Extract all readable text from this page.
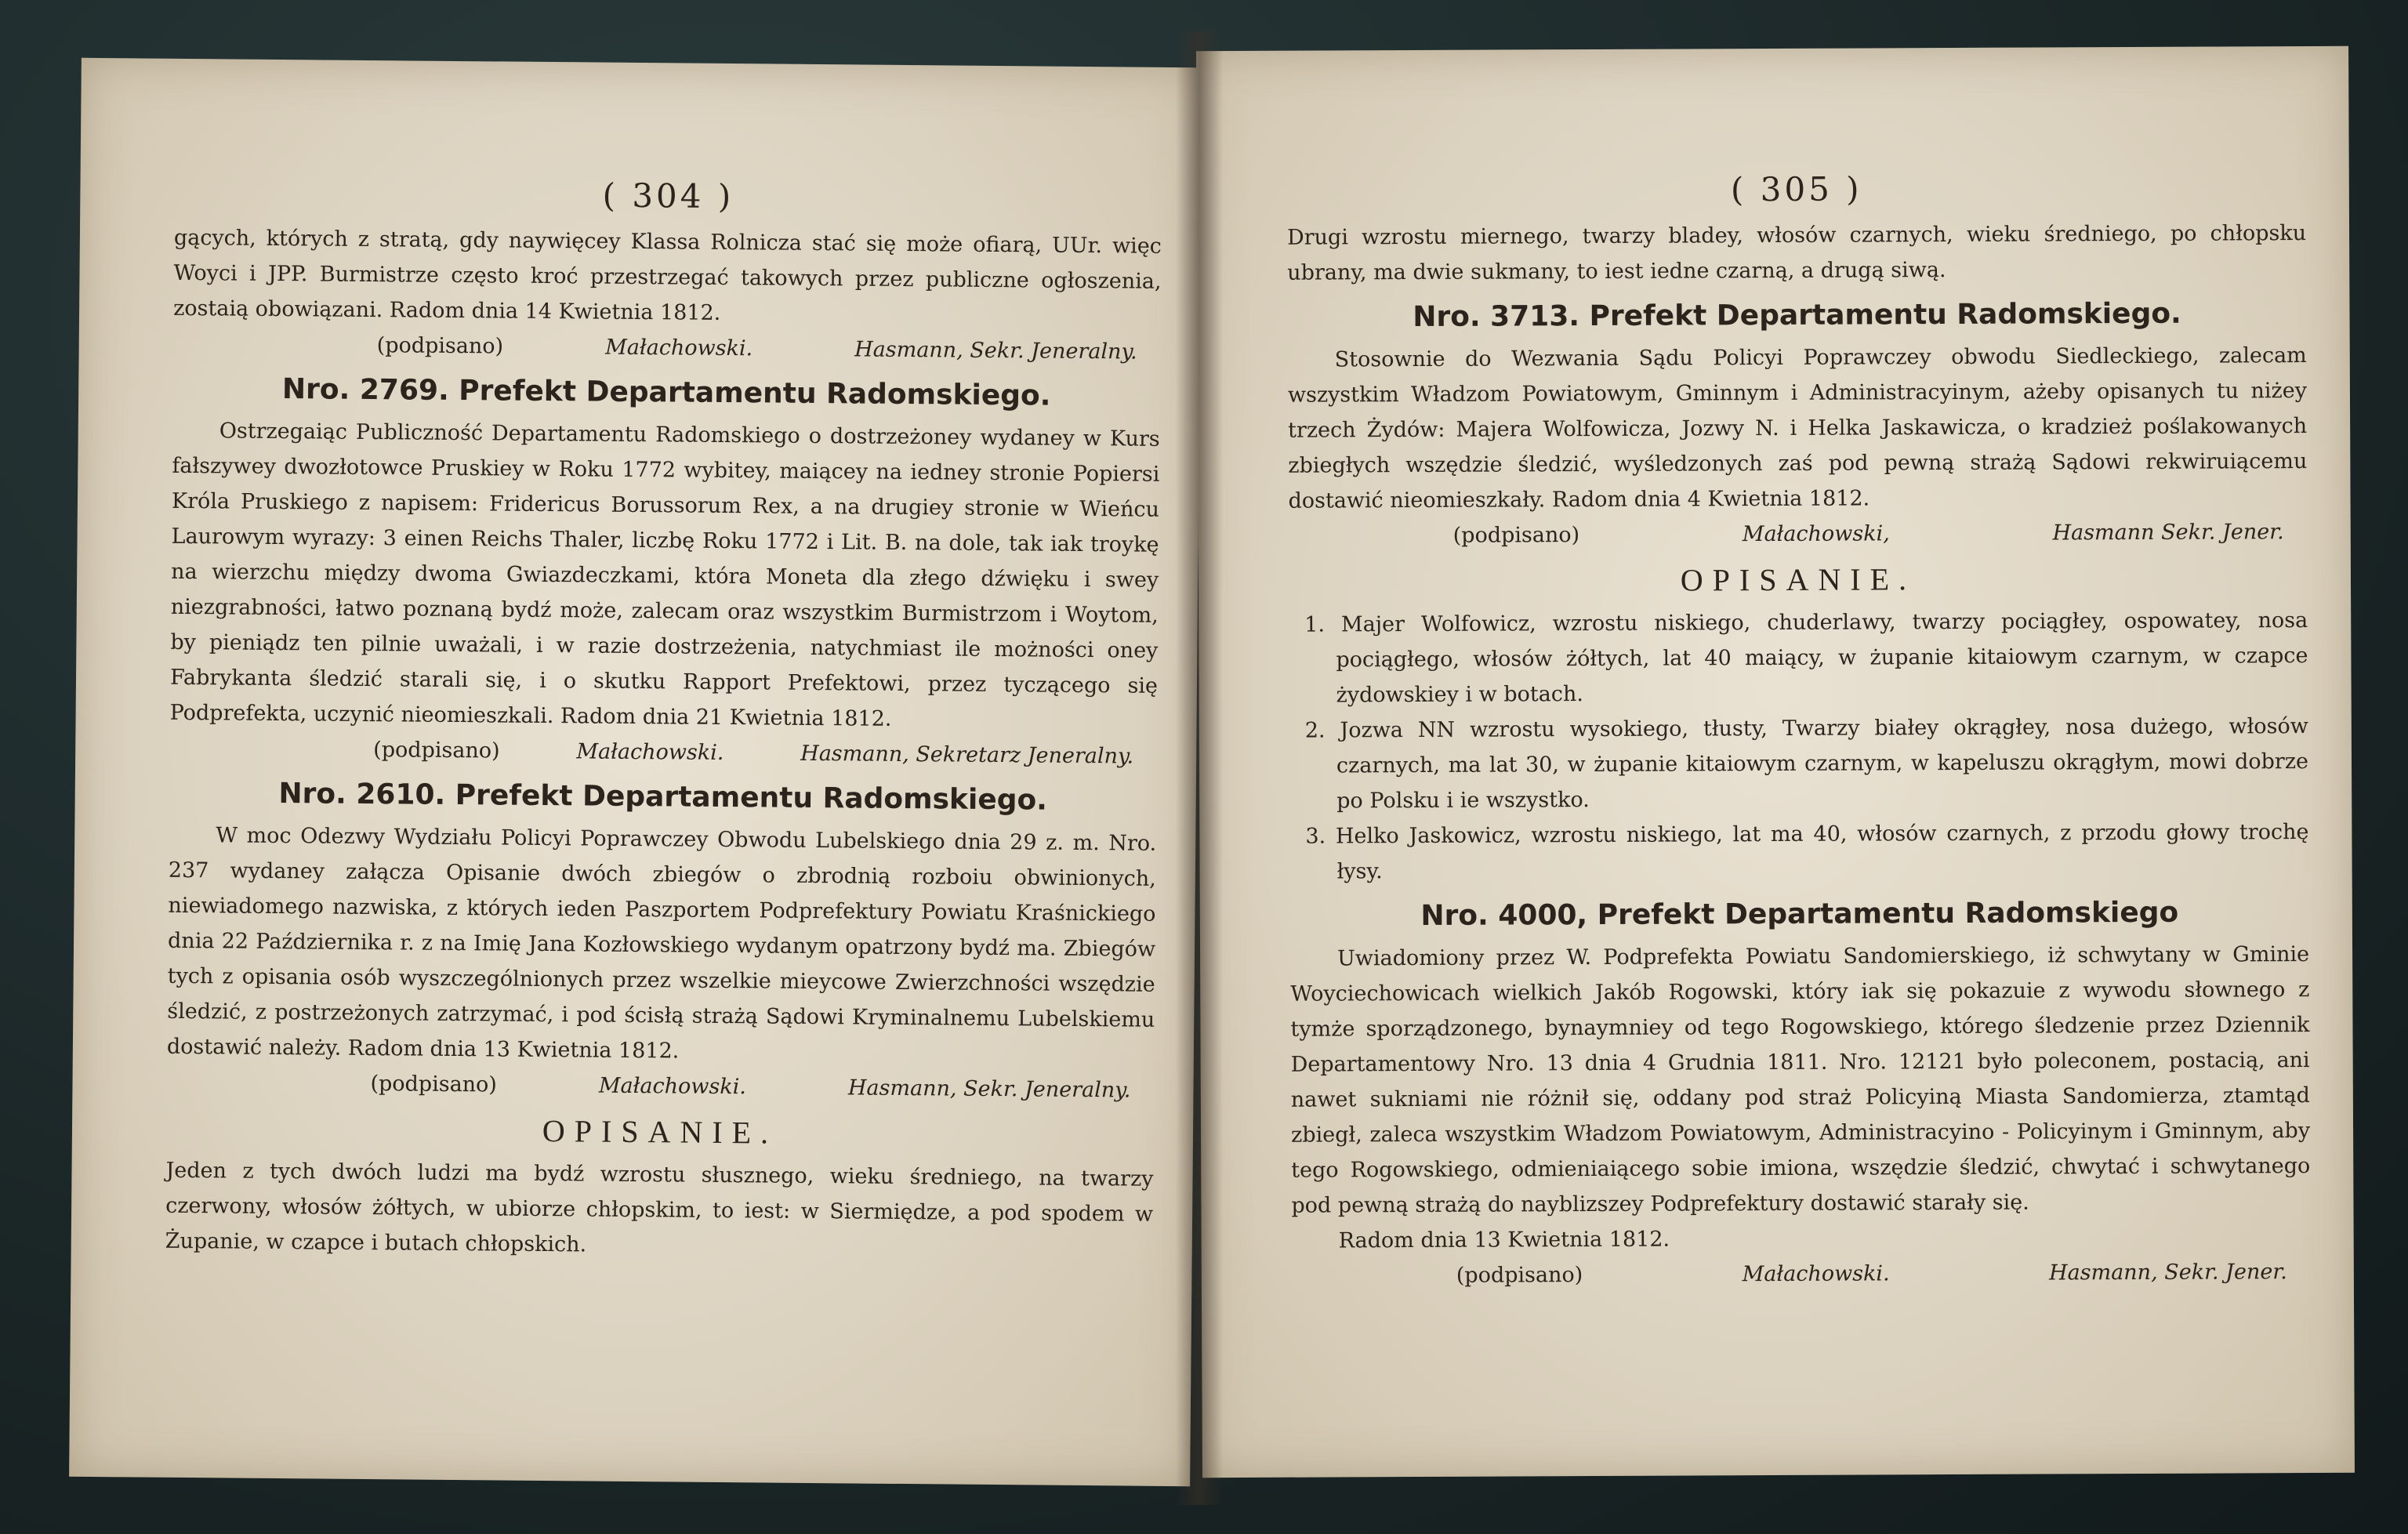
( 304 )

gących, których z stratą, gdy naywięcey Klassa Rolnicza stać się może ofiarą, UUr. więc Woyci i JPP. Burmistrze często kroć przestrzegać takowych przez publiczne ogłoszenia, zostaią obowiązani. Radom dnia 14 Kwietnia 1812.

(podpisano)	Małachowski.	Hasmann, Sekr. Jeneralny.
Nro. 2769. Prefekt Departamentu Radomskiego.

Ostrzegaiąc Publiczność Departamentu Radomskiego o dostrzeżoney wydaney w Kurs fałszywey dwozłotowce Pruskiey w Roku 1772 wybitey, maiącey na iedney stronie Popiersi Króla Pruskiego z napisem: Fridericus Borussorum Rex, a na drugiey stronie w Wieńcu Laurowym wyrazy: 3 einen Reichs Thaler, liczbę Roku 1772 i Lit. B. na dole, tak iak troykę na wierzchu między dwoma Gwiazdeczkami, która Moneta dla złego dźwięku i swey niezgrabności, łatwo poznaną bydź może, zalecam oraz wszystkim Burmistrzom i Woytom, by pieniądz ten pilnie uważali, i w razie dostrzeżenia, natychmiast ile możności oney Fabrykanta śledzić starali się, i o skutku Rapport Prefektowi, przez tyczącego się Podprefekta, uczynić nieomieszkali. Radom dnia 21 Kwietnia 1812.

(podpisano)	Małachowski.	Hasmann, Sekretarz Jeneralny.
Nro. 2610. Prefekt Departamentu Radomskiego.

W moc Odezwy Wydziału Policyi Poprawczey Obwodu Lubelskiego dnia 29 z. m. Nro. 237 wydaney załącza Opisanie dwóch zbiegów o zbrodnią rozboiu obwinionych, niewiadomego nazwiska, z których ieden Paszportem Podprefektury Powiatu Kraśnickiego dnia 22 Października r. z na Imię Jana Kozłowskiego wydanym opatrzony bydź ma. Zbiegów tych z opisania osób wyszczególnionych przez wszelkie mieycowe Zwierzchności wszędzie śledzić, z postrzeżonych zatrzymać, i pod ścisłą strażą Sądowi Kryminalnemu Lubelskiemu dostawić należy. Radom dnia 13 Kwietnia 1812.

(podpisano)	Małachowski.	Hasmann, Sekr. Jeneralny.
OPISANIE.

Jeden z tych dwóch ludzi ma bydź wzrostu słusznego, wieku średniego, na twarzy czerwony, włosów żółtych, w ubiorze chłopskim, to iest: w Siermiędze, a pod spodem w Żupanie, w czapce i butach chłopskich.

( 305 )

Drugi wzrostu miernego, twarzy bladey, włosów czarnych, wieku średniego, po chłopsku ubrany, ma dwie sukmany, to iest iedne czarną, a drugą siwą.

Nro. 3713. Prefekt Departamentu Radomskiego.

Stosownie do Wezwania Sądu Policyi Poprawczey obwodu Siedleckiego, zalecam wszystkim Władzom Powiatowym, Gminnym i Administracyinym, ażeby opisanych tu niżey trzech Żydów: Majera Wolfowicza, Jozwy N. i Helka Jaskawicza, o kradzież poślakowanych zbiegłych wszędzie śledzić, wyśledzonych zaś pod pewną strażą Sądowi rekwiruiącemu dostawić nieomieszkały. Radom dnia 4 Kwietnia 1812.

(podpisano)	Małachowski,	Hasmann Sekr. Jener.
OPISANIE.

1. Majer Wolfowicz, wzrostu niskiego, chuderlawy, twarzy pociągłey, ospowatey, nosa pociągłego, włosów żółtych, lat 40 maiący, w żupanie kitaiowym czarnym, w czapce żydowskiey i w botach.

2. Jozwa NN wzrostu wysokiego, tłusty, Twarzy białey okrągłey, nosa dużego, włosów czarnych, ma lat 30, w żupanie kitaiowym czarnym, w kapeluszu okrągłym, mowi dobrze po Polsku i ie wszystko.

3. Helko Jaskowicz, wzrostu niskiego, lat ma 40, włosów czarnych, z przodu głowy trochę łysy.

Nro. 4000, Prefekt Departamentu Radomskiego

Uwiadomiony przez W. Podprefekta Powiatu Sandomierskiego, iż schwytany w Gminie Woyciechowicach wielkich Jakób Rogowski, który iak się pokazuie z wywodu słownego z tymże sporządzonego, bynaymniey od tego Rogowskiego, którego śledzenie przez Dziennik Departamentowy Nro. 13 dnia 4 Grudnia 1811. Nro. 12121 było poleconem, postacią, ani nawet sukniami nie różnił się, oddany pod straż Policyiną Miasta Sandomierza, ztamtąd zbiegł, zaleca wszystkim Władzom Powiatowym, Administracyino - Policyinym i Gminnym, aby tego Rogowskiego, odmieniaiącego sobie imiona, wszędzie śledzić, chwytać i schwytanego pod pewną strażą do nayblizszey Podprefektury dostawić starały się.

Radom dnia 13 Kwietnia 1812.

(podpisano)	Małachowski.	Hasmann, Sekr. Jener.
